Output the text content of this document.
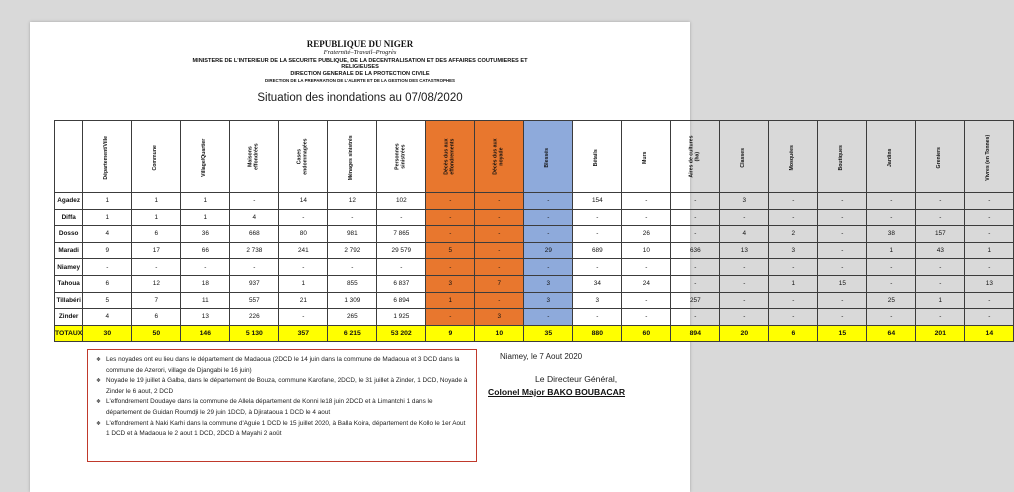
REPUBLIQUE DU NIGER
Fraternité–Travail–Progrès
MINISTERE DE L'INTERIEUR DE LA SECURITE PUBLIQUE, DE LA DECENTRALISATION ET DES AFFAIRES COUTUMIERES ET RELIGIEUSES
DIRECTION GENERALE DE LA PROTECTION CIVILE
DIRECTION DE LA PREPARATION DE L'ALERTE ET DE LA GESTION DES CATASTROPHES
Situation des inondations au 07/08/2020
	Département/Ville	Commune	Village/Quartier	Maisons effondrées	Cases endommagées	Ménages sinistrés	Personnes sinistrées	Décès dus aux effondrements	Décès dus aux noyade	Blessés	Bétails	Murs	Aires de cultures (ha)	Classes	Mosquées	Boutiques	Jardins	Greniers	Vivres (en Tonnes)
Agadez	1	1	1	-	14	12	102	-	-	-	154	-	-	3	-	-	-	-	-
Diffa	1	1	1	4	-	-	-	-	-	-	-	-	-	-	-	-	-	-	-
Dosso	4	6	36	668	80	981	7 865	-	-	-	-	26	-	4	2	-	38	157	-
Maradi	9	17	66	2 738	241	2 792	29 579	5	-	29	689	10	636	13	3	-	1	43	1
Niamey	-	-	-	-	-	-	-	-	-	-	-	-	-	-	-	-	-	-	-
Tahoua	6	12	18	937	1	855	6 837	3	7	3	34	24	-	-	1	15	-	-	13
Tillabéri	5	7	11	557	21	1 309	6 894	1	-	3	3	-	257	-	-	-	25	1	-
Zinder	4	6	13	226	-	265	1 925	-	3	-	-	-	-	-	-	-	-	-	-
TOTAUX	30	50	146	5 130	357	6 215	53 202	9	10	35	880	60	894	20	6	15	64	201	14
❖ Les noyades ont eu lieu dans le département de Madaoua (2DCD le 14 juin dans la commune de Madaoua et 3 DCD dans la commune de Azerori, village de Djangabi le 16 juin)
❖ Noyade le 19 juillet à Galba, dans le département de Bouza, commune Karofane, 2DCD, le 31 juillet à Zinder, 1 DCD, Noyade à Zinder le 6 aout, 2 DCD
❖ L'effondrement Doudaye dans la commune de Allela département de Konni le18 juin 2DCD et à Limantchi 1 dans le département de Guidan Roumdji le 29 juin 1DCD, à Djirataoua 1 DCD le 4 aout
❖ L'effondrement à Naki Karhi dans la commune d'Aguie 1 DCD le 15 juillet 2020, à Balla Koira, département de Kollo le 1er Aout 1 DCD et à Madaoua le 2 aout 1 DCD, 2DCD à Mayahi 2 août
Niamey, le 7 Aout 2020
Le Directeur Général,
Colonel Major BAKO BOUBACAR
